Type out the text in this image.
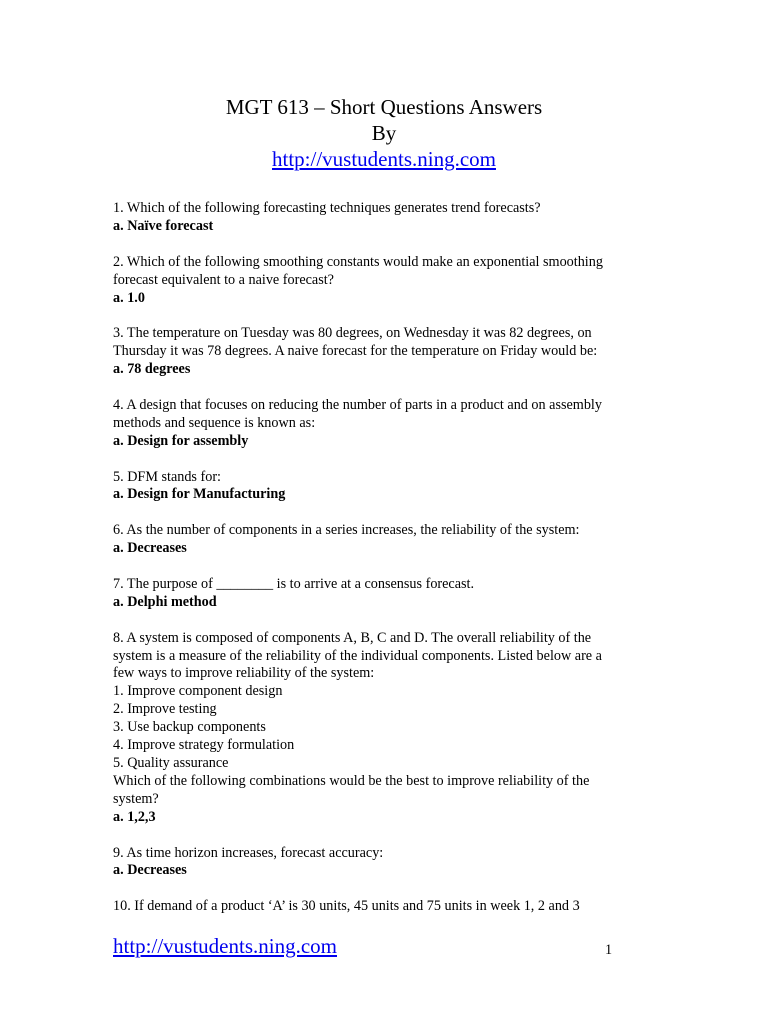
MGT 613 – Short Questions Answers
By
http://vustudents.ning.com
1. Which of the following forecasting techniques generates trend forecasts?
a. Naïve forecast
2. Which of the following smoothing constants would make an exponential smoothing
forecast equivalent to a naive forecast?
a. 1.0
3. The temperature on Tuesday was 80 degrees, on Wednesday it was 82 degrees, on
Thursday it was 78 degrees. A naive forecast for the temperature on Friday would be:
a. 78 degrees
4. A design that focuses on reducing the number of parts in a product and on assembly
methods and sequence is known as:
a. Design for assembly
5. DFM stands for:
a. Design for Manufacturing
6. As the number of components in a series increases, the reliability of the system:
a. Decreases
7. The purpose of ________ is to arrive at a consensus forecast.
a. Delphi method
8. A system is composed of components A, B, C and D. The overall reliability of the
system is a measure of the reliability of the individual components. Listed below are a
few ways to improve reliability of the system:
1. Improve component design
2. Improve testing
3. Use backup components
4. Improve strategy formulation
5. Quality assurance
Which of the following combinations would be the best to improve reliability of the
system?
a. 1,2,3
9. As time horizon increases, forecast accuracy:
a. Decreases
10. If demand of a product ‘A’ is 30 units, 45 units and 75 units in week 1, 2 and 3
http://vustudents.ning.com	1
